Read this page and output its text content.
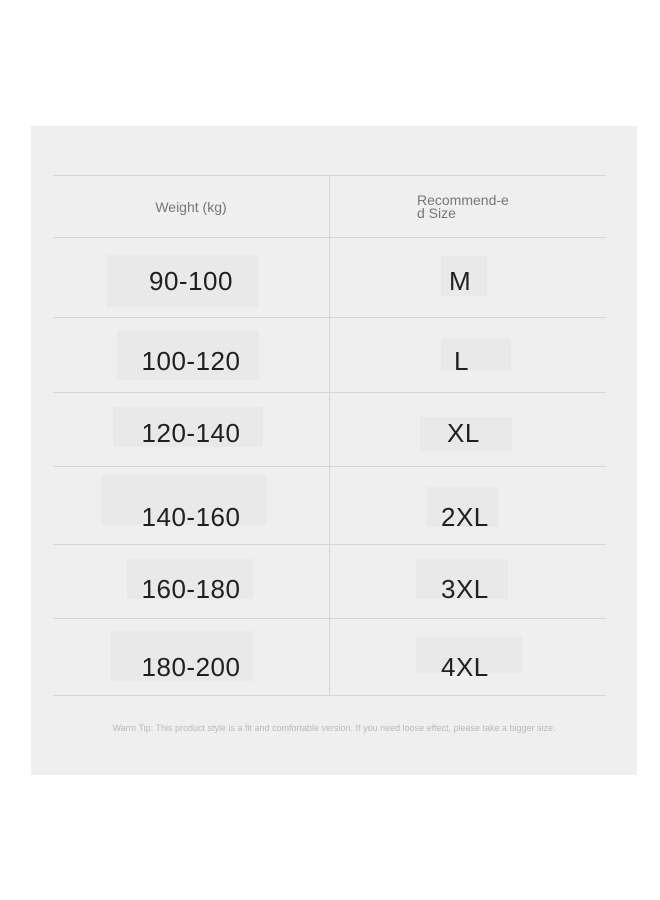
Weight (kg)	Recommend-ed Size
90-100	M
100-120	L
120-140	XL
140-160	2XL
160-180	3XL
180-200	4XL
Warm Tip: This product style is a fit and comfortable version. If you need loose effect, please take a bigger size.
